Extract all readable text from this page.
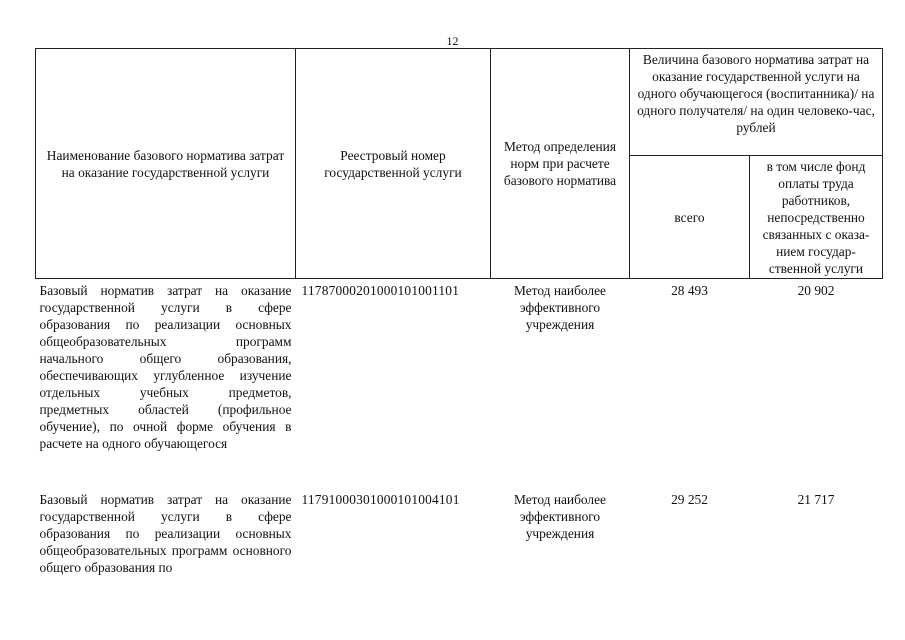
12
Наименование базового норматива затрат на оказание государственной услуги	Реестровый номер государственной услуги	Метод определения норм при расчете базового норматива	Величина базового норматива затрат на оказание государственной услуги на одного обучающегося (воспитанника)/ на одного получателя/ на один человеко-час, рублей	
			всего	в том числе фонд оплаты труда работников, непосредственно связанных с оказа-нием государ-ственной услуги
Базовый норматив затрат на оказание государственной услуги в сфере образования по реализации основных общеобразовательных программ начального общего образования, обеспечивающих углубленное изучение отдельных учебных предметов, предметных областей (профильное обучение), по очной форме обучения в расчете на одного обучающегося	11787000201000101001101	Метод наиболее эффективного учреждения	28 493	20 902
Базовый норматив затрат на оказание государственной услуги в сфере образования по реализации основных общеобразовательных программ основного общего образования по	11791000301000101004101	Метод наиболее эффективного учреждения	29 252	21 717
